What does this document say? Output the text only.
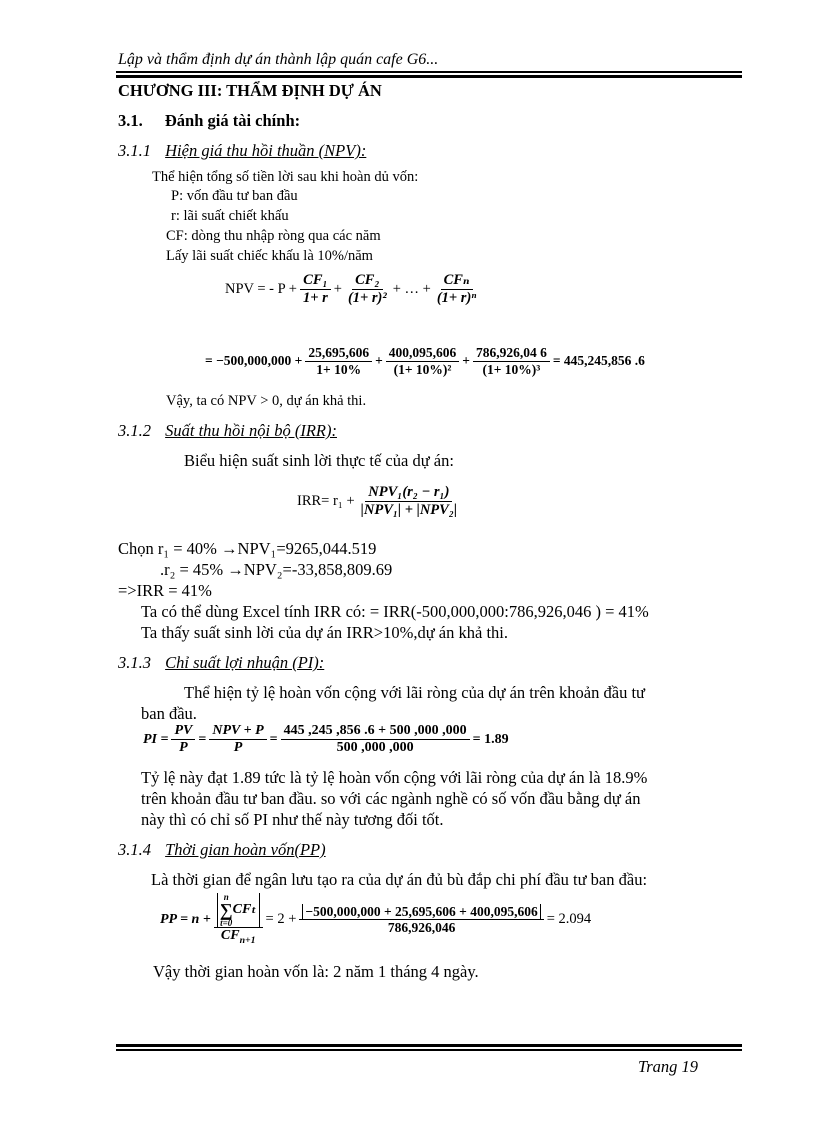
Lập và thẩm định dự án thành lập quán cafe G6...
CHƯƠNG III: THẨM ĐỊNH DỰ ÁN
3.1. Đánh giá tài chính:
3.1.1 Hiện giá thu hồi thuần (NPV):
Thể hiện tổng số tiền lời sau khi hoàn dủ vốn:
P: vốn đầu tư ban đầu
r: lãi suất chiết khấu
CF: dòng thu nhập ròng qua các năm
Lấy lãi suất chiếc khấu là 10%/năm
NPV = - $P + \frac{\text{CF₁}}{1+ r} + \frac{\text{CF₂}}{\text{(1+ r)²}}$ + … + $\frac{\text{CFₙ}}{\text{(1+ r)ⁿ}}$
= $-500,000,000 + \frac{25,695,606}{1+ 10\%} + \frac{400,095,606}{\text{(1+ 10\%)²}} + \frac{786,926,04 6}{\text{(1+ 10\%)³}} = 445,245,856$ .6
Vậy, ta có NPV > 0, dự án khả thi.
3.1.2 Suất thu hồi nội bộ (IRR):
Biểu hiện suất sinh lời thực tế của dự án:
$IRR= r_1 + \frac{\text{NPV₁(r₂ − r₁)}}{\text{|NPV₁| + |NPV₂|}}$
Chọn r₁ = 40% →NPV₁=9265,044.519
.r₂ = 45% →NPV₂=-33,858,809.69
=>IRR = 41%
Ta có thể dùng Excel tính IRR có: = IRR(-500,000,000:786,926,046 ) = 41%
Ta thấy suất sinh lời của dự án IRR>10%,dự án khả thi.
3.1.3 Chỉ suất lợi nhuận (PI):
Thể hiện tỷ lệ hoàn vốn cộng với lãi ròng của dự án trên khoản đầu tư
ban đầu.
PI = $\frac{PV}{P} = \frac{\text{NPV + P}}{P} = \frac{445 ,245 ,856 .6 + 500 ,000 ,000}{500 ,000 ,000} = 1.89$
Tỷ lệ này đạt 1.89 tức là tỷ lệ hoàn vốn cộng với lãi ròng của dự án là 18.9%
trên khoản đầu tư ban đầu. so với các ngành nghề có số vốn đầu bằng dự án
này thì có chỉ số PI như thế này tương đối tốt.
3.1.4 Thời gian hoàn vốn(PP)
Là thời gian để ngân lưu tạo ra của dự án đủ bù đắp chi phí đầu tư ban đầu:
PP = n + n
∑
t=0
CFₜ
$CF_{n+1} = 2 + \frac{-500,000,000 + 25,695,606 + 400,095,606}{786,926,046} = 2.094$
Vậy thời gian hoàn vốn là: 2 năm 1 tháng 4 ngày.
Trang 19
